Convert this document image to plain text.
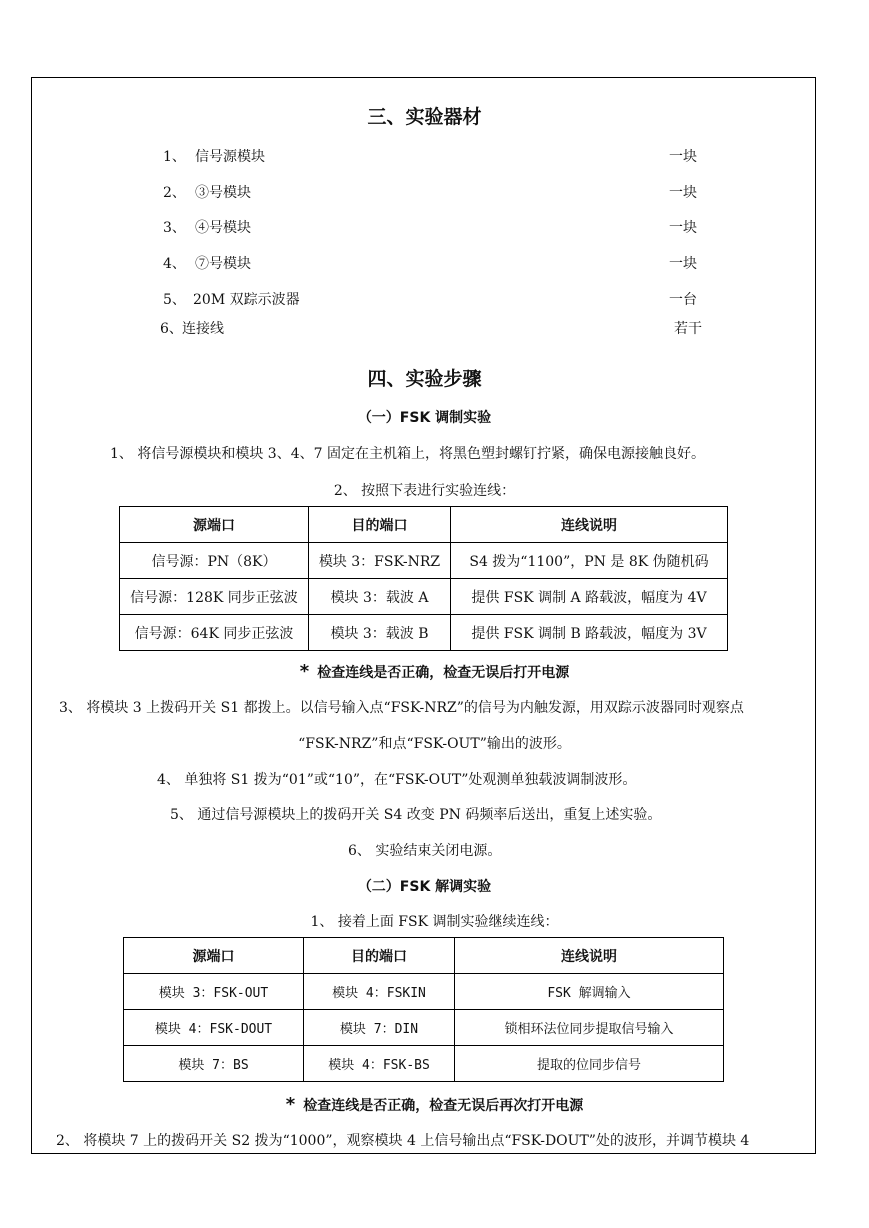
三、实验器材
1、 信号源模块	一块
2、 ③号模块	一块
3、 ④号模块	一块
4、 ⑦号模块	一块
5、 20M 双踪示波器	一台
6、 连接线	若干
四、实验步骤
（一）FSK 调制实验
1、 将信号源模块和模块 3、4、7 固定在主机箱上，将黑色塑封螺钉拧紧，确保电源接触良好。
2、 按照下表进行实验连线：
源端口	目的端口	连线说明
信号源：PN（8K）	模块 3：FSK-NRZ	S4 拨为“1100”，PN 是 8K 伪随机码
信号源：128K 同步正弦波	模块 3：载波 A	提供 FSK 调制 A 路载波，幅度为 4V
信号源：64K 同步正弦波	模块 3：载波 B	提供 FSK 调制 B 路载波，幅度为 3V
* 检查连线是否正确，检查无误后打开电源
3、 将模块 3 上拨码开关 S1 都拨上。以信号输入点“FSK-NRZ”的信号为内触发源，用双踪示波器同时观察点
“FSK-NRZ”和点“FSK-OUT”输出的波形。
4、 单独将 S1 拨为“01”或“10”，在“FSK-OUT”处观测单独载波调制波形。
5、 通过信号源模块上的拨码开关 S4 改变 PN 码频率后送出，重复上述实验。
6、 实验结束关闭电源。
（二）FSK 解调实验
1、 接着上面 FSK 调制实验继续连线：
源端口	目的端口	连线说明
模块 3：FSK-OUT	模块 4：FSKIN	FSK 解调输入
模块 4：FSK-DOUT	模块 7：DIN	锁相环法位同步提取信号输入
模块 7：BS	模块 4：FSK-BS	提取的位同步信号
* 检查连线是否正确，检查无误后再次打开电源
2、 将模块 7 上的拨码开关 S2 拨为“1000”，观察模块 4 上信号输出点“FSK-DOUT”处的波形，并调节模块 4
